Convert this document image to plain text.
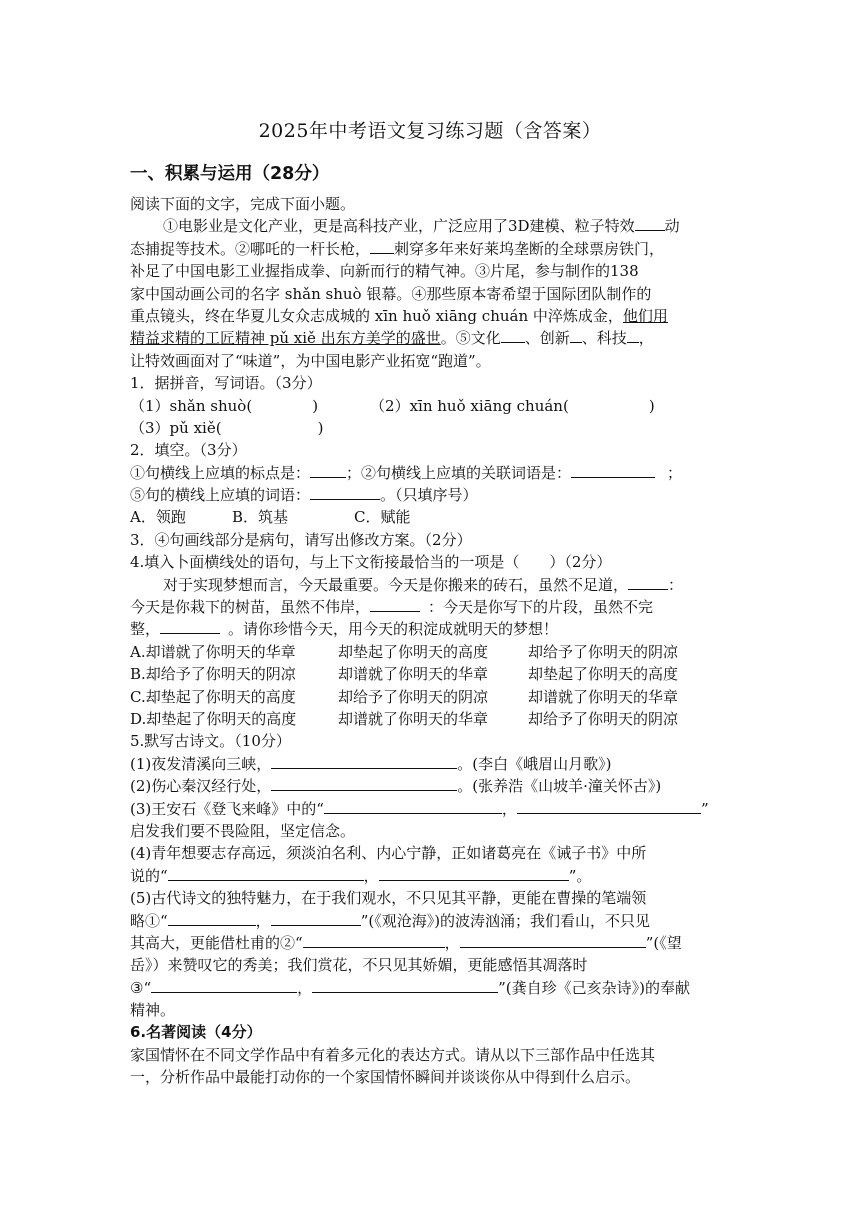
2025年中考语文复习练习题（含答案）
一、积累与运用（28分）
阅读下面的文字，完成下面小题。
①电影业是文化产业，更是高科技产业，广泛应用了3D建模、粒子特效 动
态捕捉等技术。②哪吒的一杆长枪， 刺穿多年来好莱坞垄断的全球票房铁门，
补足了中国电影工业握指成拳、向新而行的精气神。③片尾，参与制作的138
家中国动画公司的名字 shǎn shuò 银幕。④那些原本寄希望于国际团队制作的
重点镜头，终在华夏儿女众志成城的 xīn huǒ xiāng chuán 中淬炼成金，他们用
精益求精的工匠精神 pǔ xiě 出东方美学的盛世。⑤文化 、创新 、科技 ，
让特效画面对了“味道”，为中国电影产业拓宽“跑道”。
1．据拼音，写词语。（3分）
（1）shǎn shuò(	)	（2）xīn huǒ xiāng chuán(	)
（3）pǔ xiě(	)
2．填空。（3分）
①句横线上应填的标点是： ；②句横线上应填的关联词语是：	；
⑤句的横线上应填的词语：	。（只填序号）
A．领跑	B．筑基	C．赋能
3．④句画线部分是病句，请写出修改方案。（2分）
4.填入卜面横线处的语句，与上下文衔接最恰当的一项是（　　）（2分）
对于实现梦想而言，今天最重要。今天是你搬来的砖石，虽然不足道，	：
今天是你栽下的树苗，虽然不伟岸，	：今天是你写下的片段，虽然不完
整，	。请你珍惜今天，用今天的积淀成就明天的梦想！
A.却谱就了你明天的华章	却垫起了你明天的高度	却给予了你明天的阴凉
B.却给予了你明天的阴凉	却谱就了你明天的华章	却垫起了你明天的高度
C.却垫起了你明天的高度	却给予了你明天的阴凉	却谱就了你明天的华章
D.却垫起了你明天的高度	却谱就了你明天的华章	却给予了你明天的阴凉
5.默写古诗文。（10分）
(1)夜发清溪向三峡，	。(李白《峨眉山月歌》)
(2)伤心秦汉经行处，	。(张养浩《山坡羊·潼关怀古》)
(3)王安石《登飞来峰》中的“	，	”
启发我们要不畏险阻，坚定信念。
(4)青年想要志存高远，须淡泊名利、内心宁静，正如诸葛亮在《诫子书》中所
说的“	，	”。
(5)古代诗文的独特魅力，在于我们观水，不只见其平静，更能在曹操的笔端领
略①“	，	”(《观沧海》)的波涛汹涌；我们看山，不只见
其高大，更能借杜甫的②“	，	”(《望
岳》）来赞叹它的秀美；我们赏花，不只见其娇媚，更能感悟其凋落时
③“	，	”(龚自珍《己亥杂诗》)的奉献
精神。
6.名著阅读（4分）
家国情怀在不同文学作品中有着多元化的表达方式。请从以下三部作品中任选其
一，分析作品中最能打动你的一个家国情怀瞬间并谈谈你从中得到什么启示。
